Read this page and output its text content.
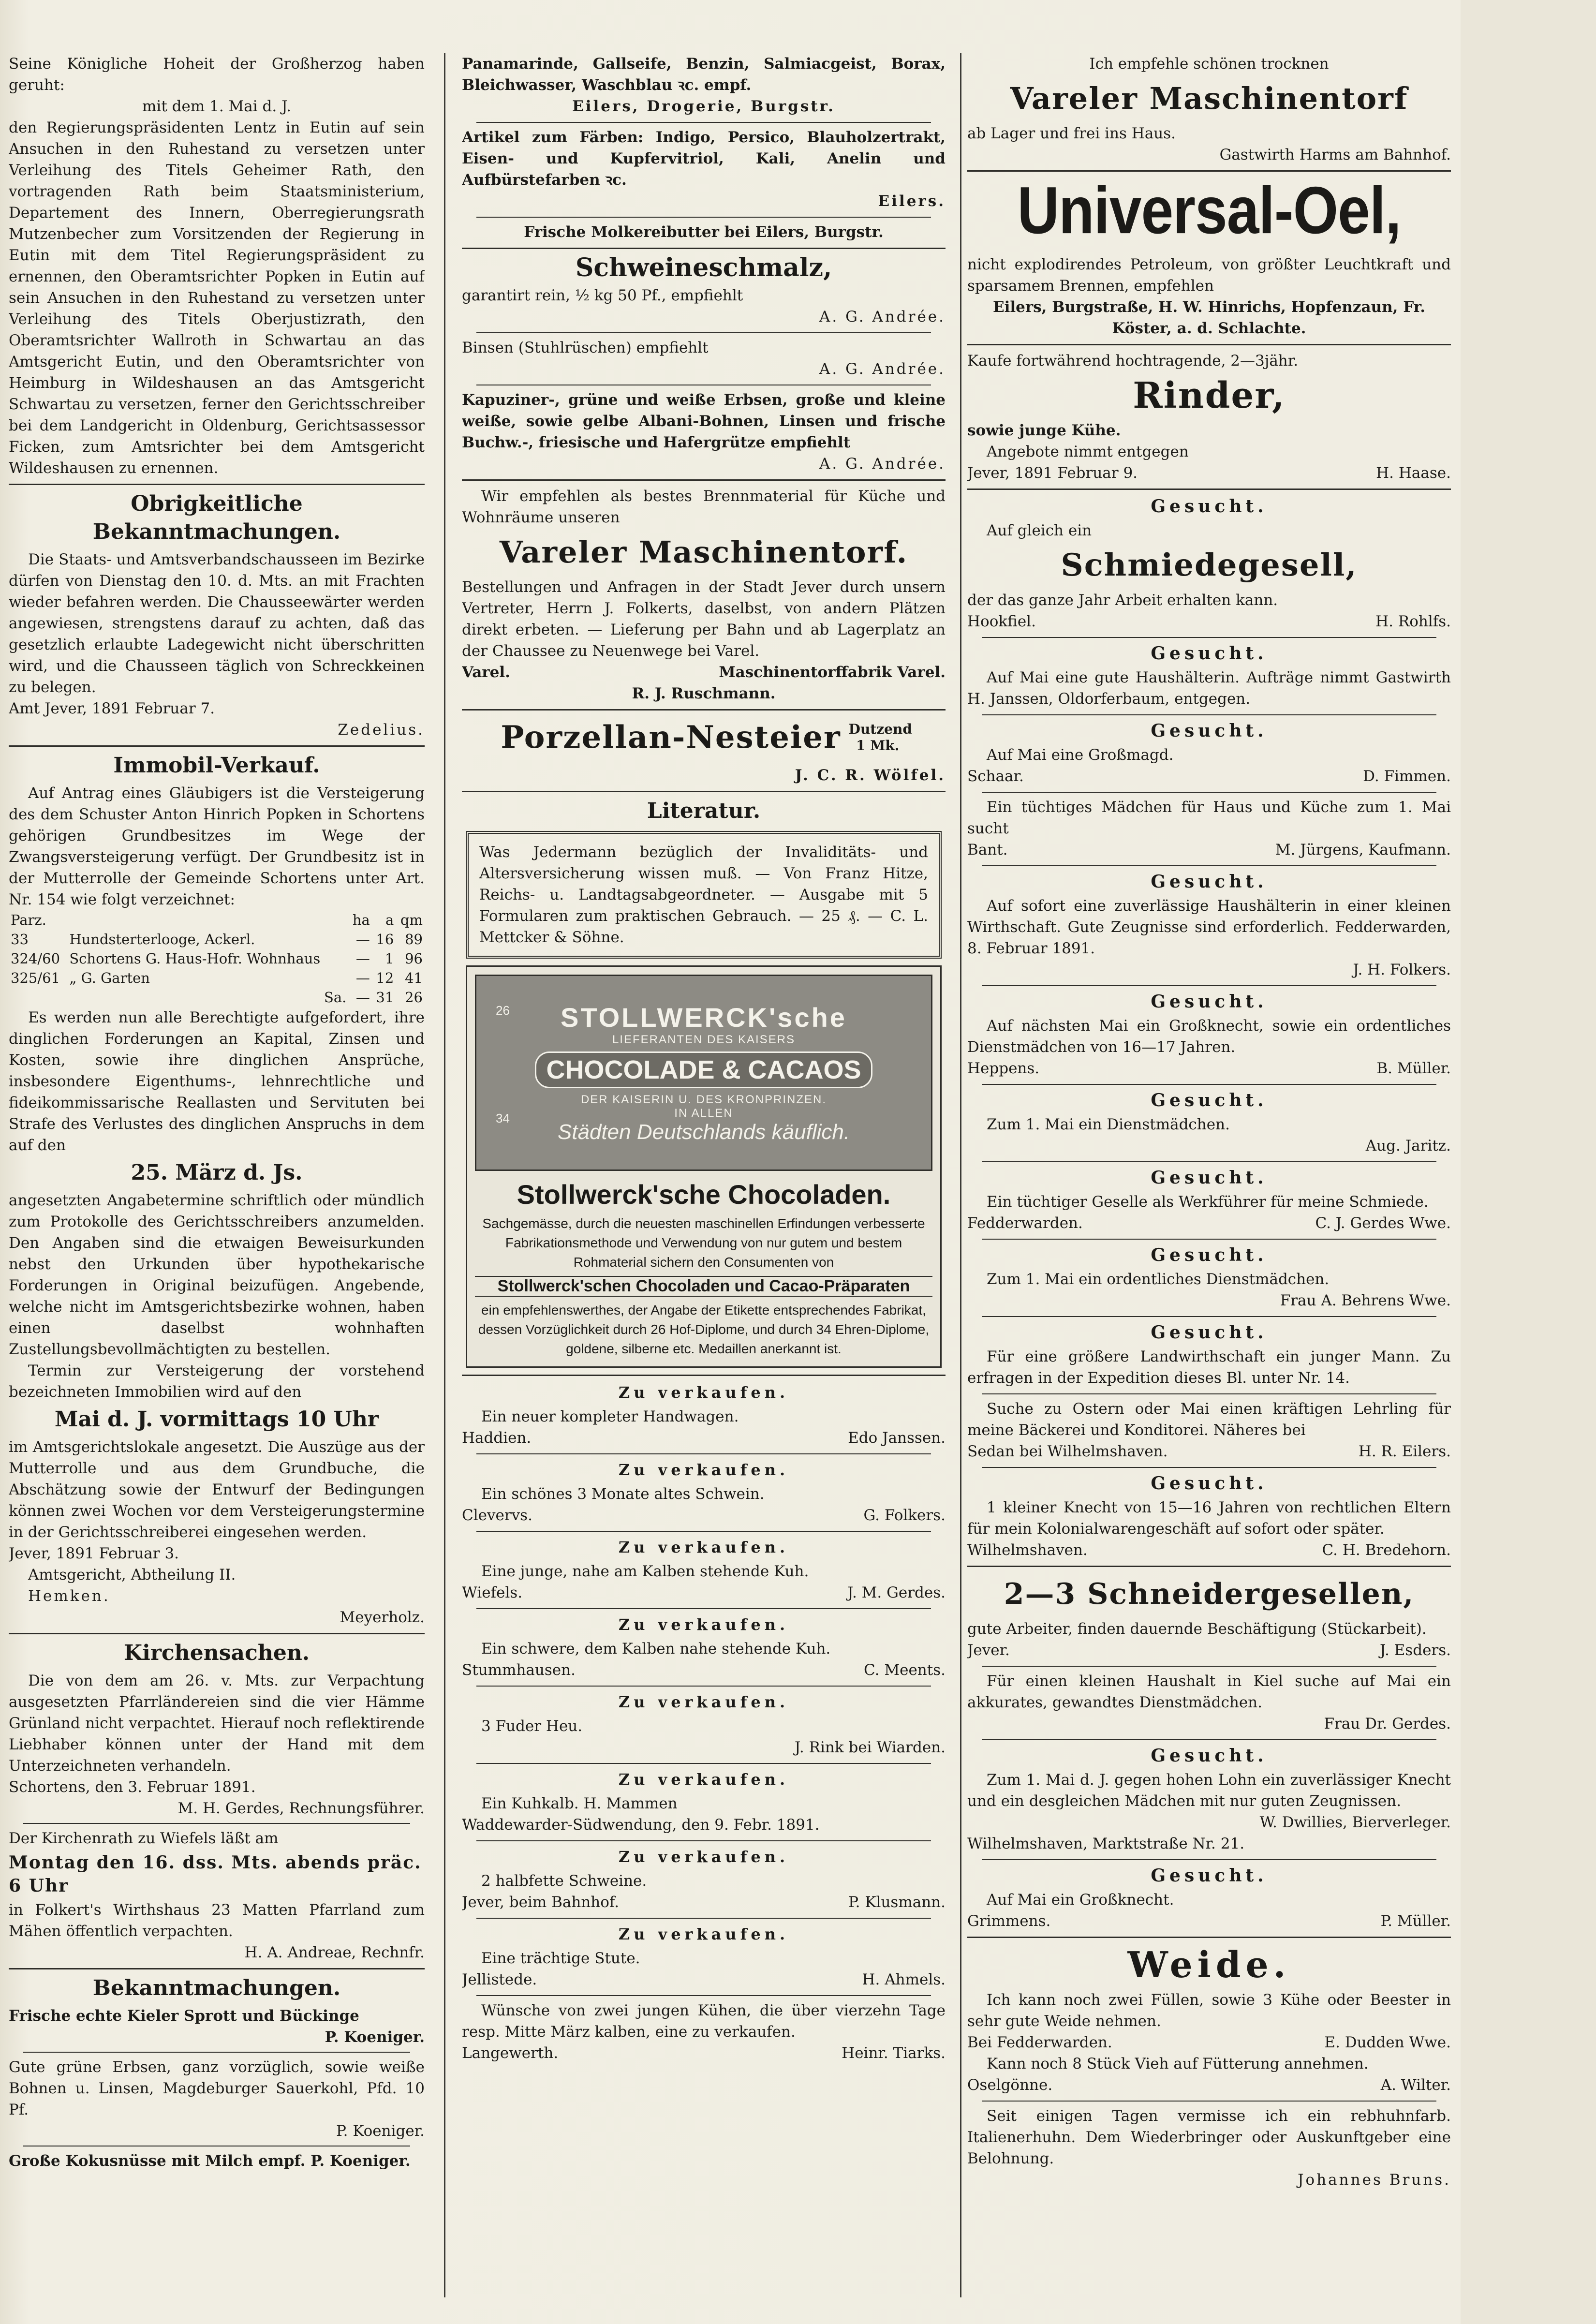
Seine Königliche Hoheit der Großherzog haben geruht:

mit dem 1. Mai d. J.

den Regierungspräsidenten Lentz in Eutin auf sein Ansuchen in den Ruhestand zu versetzen unter Verleihung des Titels Geheimer Rath, den vortragenden Rath beim Staatsministerium, Departement des Innern, Oberregierungsrath Mutzenbecher zum Vorsitzenden der Regierung in Eutin mit dem Titel Regierungspräsident zu ernennen, den Oberamtsrichter Popken in Eutin auf sein Ansuchen in den Ruhestand zu versetzen unter Verleihung des Titels Oberjustizrath, den Oberamtsrichter Wallroth in Schwartau an das Amtsgericht Eutin, und den Oberamtsrichter von Heimburg in Wildeshausen an das Amtsgericht Schwartau zu versetzen, ferner den Gerichtsschreiber bei dem Landgericht in Oldenburg, Gerichtsassessor Ficken, zum Amtsrichter bei dem Amtsgericht Wildeshausen zu ernennen.

Obrigkeitliche Bekanntmachungen.

Die Staats- und Amtsverbandschausseen im Bezirke dürfen von Dienstag den 10. d. Mts. an mit Frachten wieder befahren werden. Die Chausseewärter werden angewiesen, strengstens darauf zu achten, daß das gesetzlich erlaubte Ladegewicht nicht überschritten wird, und die Chausseen täglich von Schreckkeinen zu belegen.

Amt Jever, 1891 Februar 7.

Zedelius.

Immobil-Verkauf.

Auf Antrag eines Gläubigers ist die Versteigerung des dem Schuster Anton Hinrich Popken in Schortens gehörigen Grundbesitzes im Wege der Zwangsversteigerung verfügt. Der Grundbesitz ist in der Mutterrolle der Gemeinde Schortens unter Art. Nr. 154 wie folgt verzeichnet:

Parz.		ha	a	qm
33	Hundsterterlooge, Ackerl.	—	16	89
324/60	Schortens G. Haus-Hofr. Wohnhaus	—	1	96
325/61	„ G. Garten	—	12	41
	Sa.	—	31	26

Es werden nun alle Berechtigte aufgefordert, ihre dinglichen Forderungen an Kapital, Zinsen und Kosten, sowie ihre dinglichen Ansprüche, insbesondere Eigenthums-, lehnrechtliche und fideikommissarische Reallasten und Servituten bei Strafe des Verlustes des dinglichen Anspruchs in dem auf den

25. März d. Js.

angesetzten Angabetermine schriftlich oder mündlich zum Protokolle des Gerichtsschreibers anzumelden. Den Angaben sind die etwaigen Beweisurkunden nebst den Urkunden über hypothekarische Forderungen in Original beizufügen. Angebende, welche nicht im Amtsgerichtsbezirke wohnen, haben einen daselbst wohnhaften Zustellungsbevollmächtigten zu bestellen.

Termin zur Versteigerung der vorstehend bezeichneten Immobilien wird auf den

Mai d. J. vormittags 10 Uhr

im Amtsgerichtslokale angesetzt. Die Auszüge aus der Mutterrolle und aus dem Grundbuche, die Abschätzung sowie der Entwurf der Bedingungen können zwei Wochen vor dem Versteigerungstermine in der Gerichtsschreiberei eingesehen werden.

Jever, 1891 Februar 3.

Amtsgericht, Abtheilung II.

Hemken.

Meyerholz.

Kirchensachen.

Die von dem am 26. v. Mts. zur Verpachtung ausgesetzten Pfarrländereien sind die vier Hämme Grünland nicht verpachtet. Hierauf noch reflektirende Liebhaber können unter der Hand mit dem Unterzeichneten verhandeln.

Schortens, den 3. Februar 1891.

M. H. Gerdes, Rechnungsführer.

Der Kirchenrath zu Wiefels läßt am

Montag den 16. dss. Mts. abends präc. 6 Uhr

in Folkert's Wirthshaus 23 Matten Pfarrland zum Mähen öffentlich verpachten.

H. A. Andreae, Rechnfr.

Bekanntmachungen.

Frische echte Kieler Sprott und Bückinge

P. Koeniger.

Gute grüne Erbsen, ganz vorzüglich, sowie weiße Bohnen u. Linsen, Magdeburger Sauerkohl, Pfd. 10 Pf.

P. Koeniger.

Große Kokusnüsse mit Milch empf. P. Koeniger.

Panamarinde, Gallseife, Benzin, Salmiacgeist, Borax, Bleichwasser, Waschblau ꝛc. empf.

Eilers, Drogerie, Burgstr.

Artikel zum Färben: Indigo, Persico, Blauholzertrakt, Eisen- und Kupfervitriol, Kali, Anelin und Aufbürstefarben ꝛc.

Eilers.

Frische Molkereibutter bei Eilers, Burgstr.

Schweineschmalz,

garantirt rein, ½ kg 50 Pf., empfiehlt

A. G. Andrée.

Binsen (Stuhlrüschen) empfiehlt

A. G. Andrée.

Kapuziner-, grüne und weiße Erbsen, große und kleine weiße, sowie gelbe Albani-Bohnen, Linsen und frische Buchw.-, friesische und Hafergrütze empfiehlt

A. G. Andrée.

Wir empfehlen als bestes Brennmaterial für Küche und Wohnräume unseren

Vareler Maschinentorf.

Bestellungen und Anfragen in der Stadt Jever durch unsern Vertreter, Herrn J. Folkerts, daselbst, von andern Plätzen direkt erbeten. — Lieferung per Bahn und ab Lagerplatz an der Chaussee zu Neuenwege bei Varel.

Varel.	Maschinentorffabrik Varel.

R. J. Ruschmann.

Porzellan-Nesteier Dutzend 1 Mk.

J. C. R. Wölfel.

Literatur.

Was Jedermann bezüglich der Invaliditäts- und Altersversicherung wissen muß. — Von Franz Hitze, Reichs- u. Landtagsabgeordneter. — Ausgabe mit 5 Formularen zum praktischen Gebrauch. — 25 ₰. — C. L. Mettcker & Söhne.

26
34
STOLLWERCK'sche
LIEFERANTEN DES KAISERS
CHOCOLADE & CACAOS
DER KAISERIN U. DES KRONPRINZEN.
IN ALLEN
Städten Deutschlands käuflich.
Stollwerck'sche Chocoladen.

Sachgemässe, durch die neuesten maschinellen Erfindungen verbesserte Fabrikationsmethode und Verwendung von nur gutem und bestem Rohmaterial sichern den Consumenten von

Stollwerck'schen Chocoladen und Cacao-Präparaten

ein empfehlenswerthes, der Angabe der Etikette entsprechendes Fabrikat, dessen Vorzüglichkeit durch 26 Hof-Diplome, und durch 34 Ehren-Diplome, goldene, silberne etc. Medaillen anerkannt ist.

Zu verkaufen.

Ein neuer kompleter Handwagen.

Haddien.	Edo Janssen.
Zu verkaufen.

Ein schönes 3 Monate altes Schwein.

Clevervs.	G. Folkers.
Zu verkaufen.

Eine junge, nahe am Kalben stehende Kuh.

Wiefels.	J. M. Gerdes.
Zu verkaufen.

Ein schwere, dem Kalben nahe stehende Kuh.

Stummhausen.	C. Meents.
Zu verkaufen.

3 Fuder Heu.

J. Rink bei Wiarden.
Zu verkaufen.

Ein Kuhkalb. H. Mammen

Waddewarder-Südwendung, den 9. Febr. 1891.
Zu verkaufen.

2 halbfette Schweine.

Jever, beim Bahnhof.	P. Klusmann.
Zu verkaufen.

Eine trächtige Stute.

Jellistede.	H. Ahmels.

Wünsche von zwei jungen Kühen, die über vierzehn Tage resp. Mitte März kalben, eine zu verkaufen.

Langewerth.	Heinr. Tiarks.

Ich empfehle schönen trocknen

Vareler Maschinentorf

ab Lager und frei ins Haus.

Gastwirth Harms am Bahnhof.

Universal-Oel,

nicht explodirendes Petroleum, von größter Leuchtkraft und sparsamem Brennen, empfehlen

Eilers, Burgstraße, H. W. Hinrichs, Hopfenzaun, Fr. Köster, a. d. Schlachte.

Kaufe fortwährend hochtragende, 2—3jähr.

Rinder,

sowie junge Kühe.

Angebote nimmt entgegen

Jever, 1891 Februar 9.	H. Haase.
Gesucht.

Auf gleich ein

Schmiedegesell,

der das ganze Jahr Arbeit erhalten kann.

Hookfiel.	H. Rohlfs.
Gesucht.

Auf Mai eine gute Haushälterin. Aufträge nimmt Gastwirth H. Janssen, Oldorferbaum, entgegen.

Gesucht.

Auf Mai eine Großmagd.

Schaar.	D. Fimmen.

Ein tüchtiges Mädchen für Haus und Küche zum 1. Mai sucht

Bant.	M. Jürgens, Kaufmann.
Gesucht.

Auf sofort eine zuverlässige Haushälterin in einer kleinen Wirthschaft. Gute Zeugnisse sind erforderlich. Fedderwarden, 8. Februar 1891.

J. H. Folkers.

Gesucht.

Auf nächsten Mai ein Großknecht, sowie ein ordentliches Dienstmädchen von 16—17 Jahren.

Heppens.	B. Müller.
Gesucht.

Zum 1. Mai ein Dienstmädchen.

Aug. Jaritz.

Gesucht.

Ein tüchtiger Geselle als Werkführer für meine Schmiede.

Fedderwarden.	C. J. Gerdes Wwe.
Gesucht.

Zum 1. Mai ein ordentliches Dienstmädchen.

Frau A. Behrens Wwe.

Gesucht.

Für eine größere Landwirthschaft ein junger Mann. Zu erfragen in der Expedition dieses Bl. unter Nr. 14.

Suche zu Ostern oder Mai einen kräftigen Lehrling für meine Bäckerei und Konditorei. Näheres bei

Sedan bei Wilhelmshaven.	H. R. Eilers.
Gesucht.

1 kleiner Knecht von 15—16 Jahren von rechtlichen Eltern für mein Kolonialwarengeschäft auf sofort oder später.

Wilhelmshaven.	C. H. Bredehorn.
2—3 Schneidergesellen,

gute Arbeiter, finden dauernde Beschäftigung (Stückarbeit).

Jever.	J. Esders.

Für einen kleinen Haushalt in Kiel suche auf Mai ein akkurates, gewandtes Dienstmädchen.

Frau Dr. Gerdes.

Gesucht.

Zum 1. Mai d. J. gegen hohen Lohn ein zuverlässiger Knecht und ein desgleichen Mädchen mit nur guten Zeugnissen.

W. Dwillies, Bierverleger.

Wilhelmshaven, Marktstraße Nr. 21.

Gesucht.

Auf Mai ein Großknecht.

Grimmens.	P. Müller.
Weide.

Ich kann noch zwei Füllen, sowie 3 Kühe oder Beester in sehr gute Weide nehmen.

Bei Fedderwarden.	E. Dudden Wwe.

Kann noch 8 Stück Vieh auf Fütterung annehmen.

Oselgönne.	A. Wilter.

Seit einigen Tagen vermisse ich ein rebhuhnfarb. Italienerhuhn. Dem Wiederbringer oder Auskunftgeber eine Belohnung.

Johannes Bruns.
